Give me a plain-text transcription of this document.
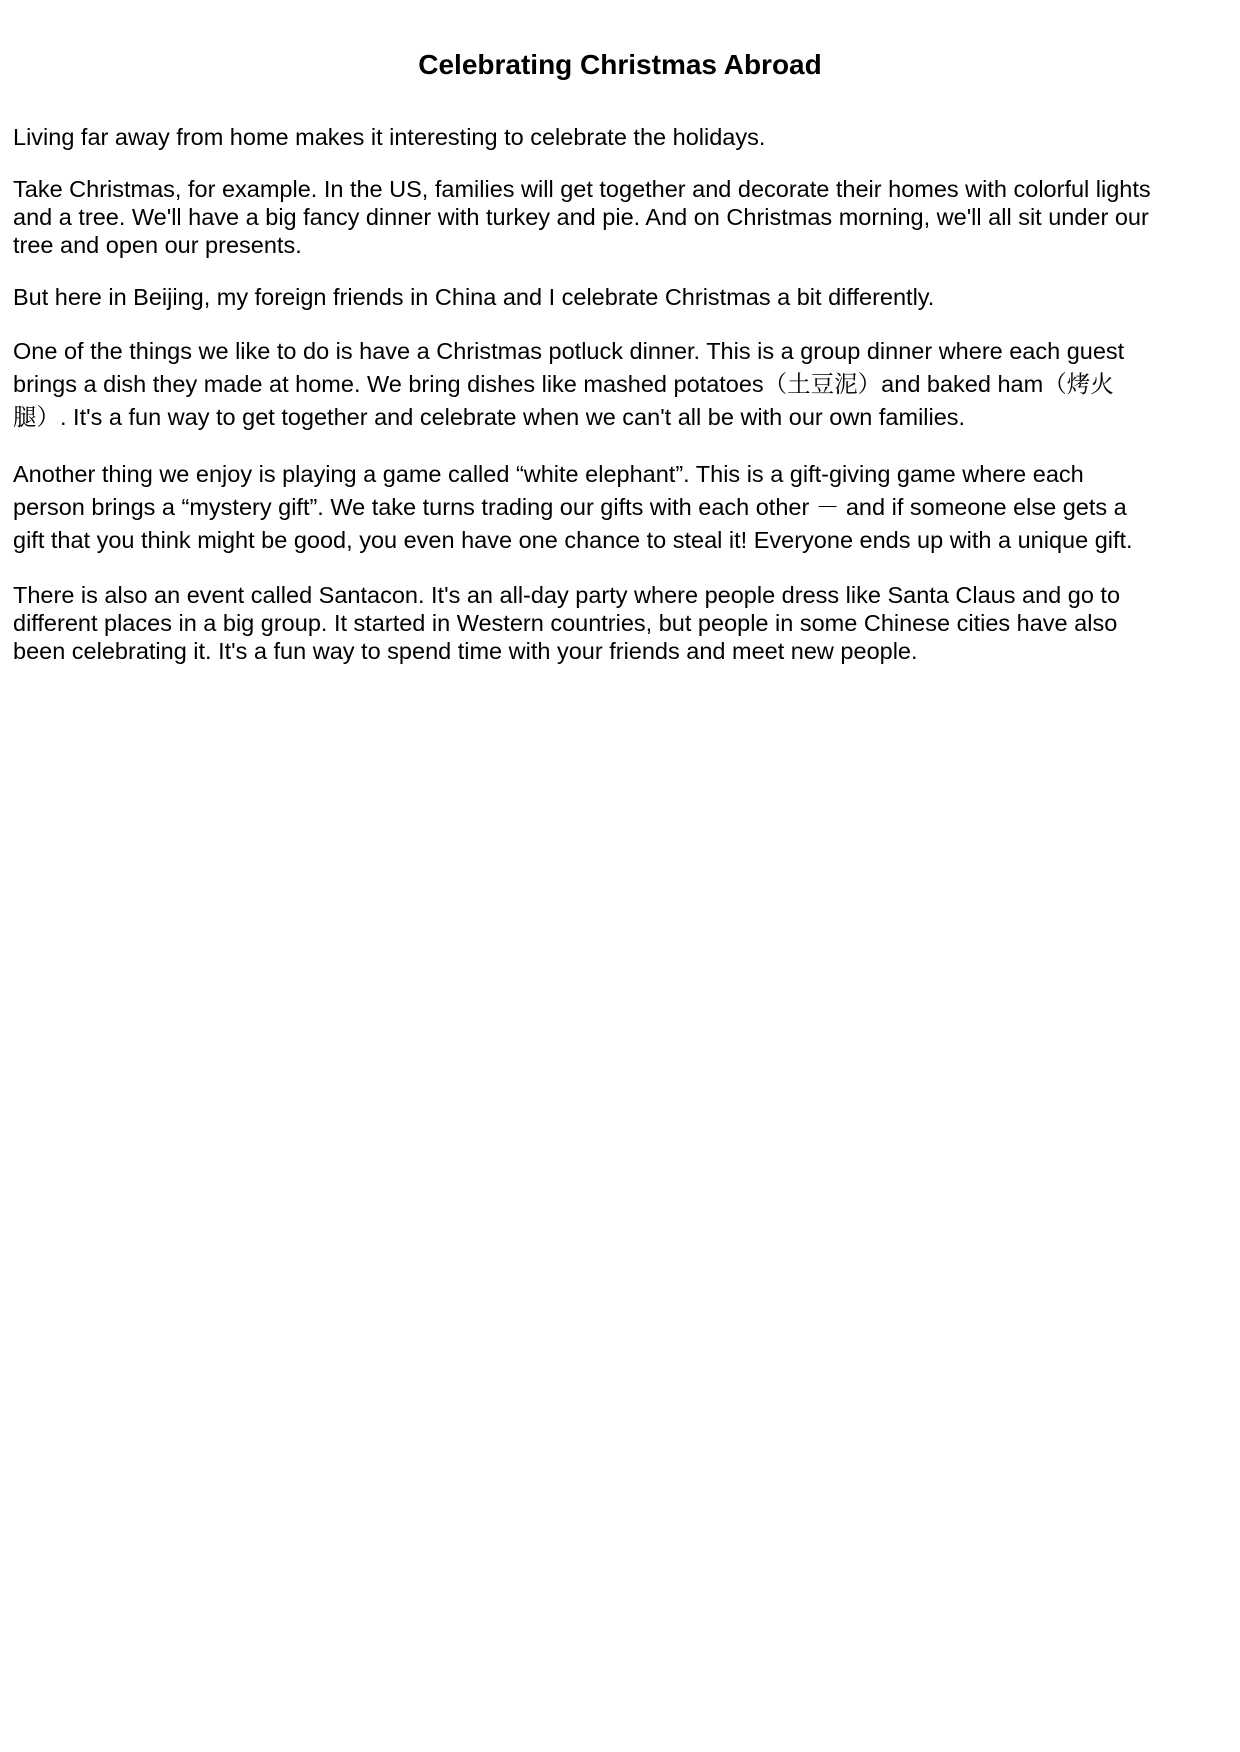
Celebrating Christmas Abroad

Living far away from home makes it interesting to celebrate the holidays.

Take Christmas, for example. In the US, families will get together and decorate their homes with colorful lights
and a tree. We'll have a big fancy dinner with turkey and pie. And on Christmas morning, we'll all sit under our
tree and open our presents.

But here in Beijing, my foreign friends in China and I celebrate Christmas a bit differently.

One of the things we like to do is have a Christmas potluck dinner. This is a group dinner where each guest
brings a dish they made at home. We bring dishes like mashed potatoes（土豆泥）and baked ham（烤火
腿）. It's a fun way to get together and celebrate when we can't all be with our own families.

Another thing we enjoy is playing a game called “white elephant”. This is a gift-giving game where each
person brings a “mystery gift”. We take turns trading our gifts with each other － and if someone else gets a
gift that you think might be good, you even have one chance to steal it! Everyone ends up with a unique gift.

There is also an event called Santacon. It's an all-day party where people dress like Santa Claus and go to
different places in a big group. It started in Western countries, but people in some Chinese cities have also
been celebrating it. It's a fun way to spend time with your friends and meet new people.
